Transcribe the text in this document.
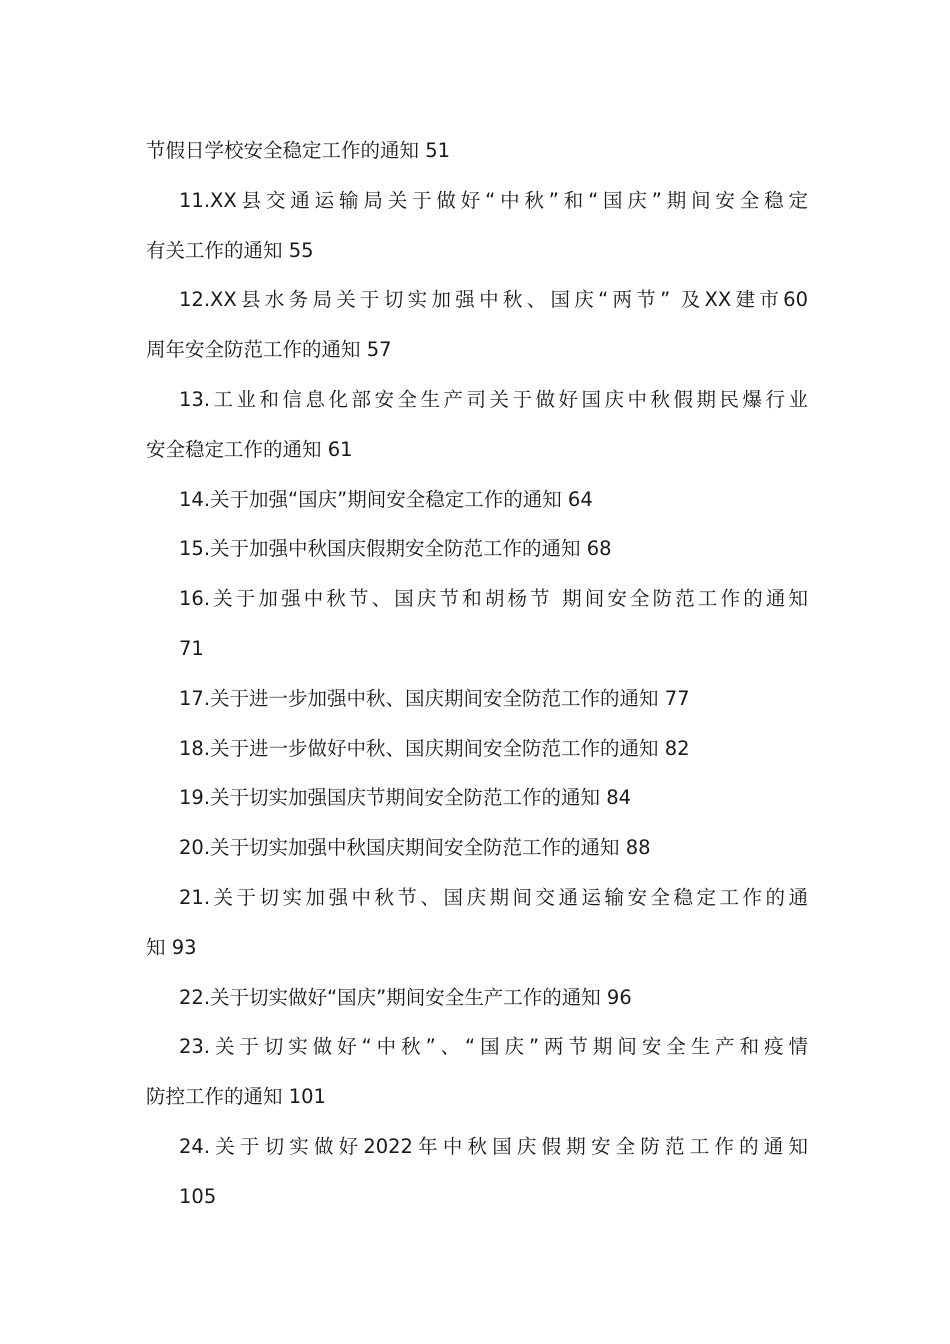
节假日学校安全稳定工作的通知 51
11.XX县交通运输局关于做好“中秋”和“国庆”期间安全稳定
有关工作的通知 55
12.XX县水务局关于切实加强中秋、国庆“两节” 及XX建市60
周年安全防范工作的通知 57
13.工业和信息化部安全生产司关于做好国庆中秋假期民爆行业
安全稳定工作的通知 61
14.关于加强“国庆”期间安全稳定工作的通知 64
15.关于加强中秋国庆假期安全防范工作的通知 68
16.关于加强中秋节、国庆节和胡杨节 期间安全防范工作的通知
71
17.关于进一步加强中秋、国庆期间安全防范工作的通知 77
18.关于进一步做好中秋、国庆期间安全防范工作的通知 82
19.关于切实加强国庆节期间安全防范工作的通知 84
20.关于切实加强中秋国庆期间安全防范工作的通知 88
21.关于切实加强中秋节、国庆期间交通运输安全稳定工作的通
知 93
22.关于切实做好“国庆”期间安全生产工作的通知 96
23.关于切实做好“中秋”、“国庆”两节期间安全生产和疫情
防控工作的通知 101
24.关于切实做好2022年中秋国庆假期安全防范工作的通知
105
